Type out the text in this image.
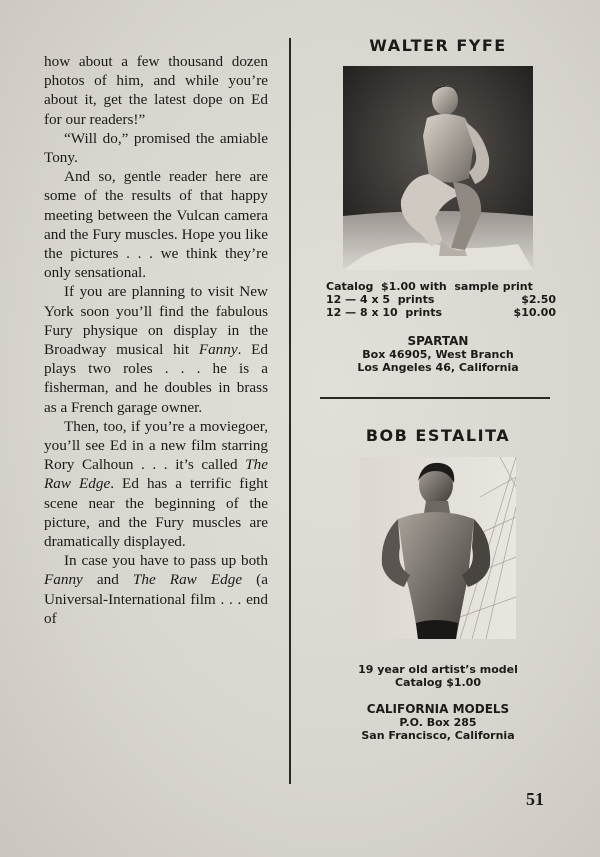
how about a few thousand dozen photos of him, and while you’re about it, get the latest dope on Ed for our readers!”

“Will do,” promised the amiable Tony.

And so, gentle reader here are some of the results of that happy meeting between the Vulcan camera and the Fury muscles. Hope you like the pictures . . . we think they’re only sensational.

If you are planning to visit New York soon you’ll find the fabulous Fury physique on display in the Broadway musical hit Fanny. Ed plays two roles . . . he is a fisherman, and he doubles in brass as a French garage owner.

Then, too, if you’re a moviegoer, you’ll see Ed in a new film starring Rory Calhoun . . . it’s called The Raw Edge. Ed has a terrific fight scene near the beginning of the picture, and the Fury muscles are dramatically displayed.

In case you have to pass up both Fanny and The Raw Edge (a Universal-International film . . . end of

WALTER FYFE
Catalog  $1.00 with  sample print
12 — 4 x 5  prints	$2.50
12 — 8 x 10  prints	$10.00
SPARTAN
Box 46905, West Branch
Los Angeles 46, California
BOB ESTALITA
19 year old artist’s model
Catalog $1.00
CALIFORNIA MODELS
P.O. Box 285
San Francisco, California
51
